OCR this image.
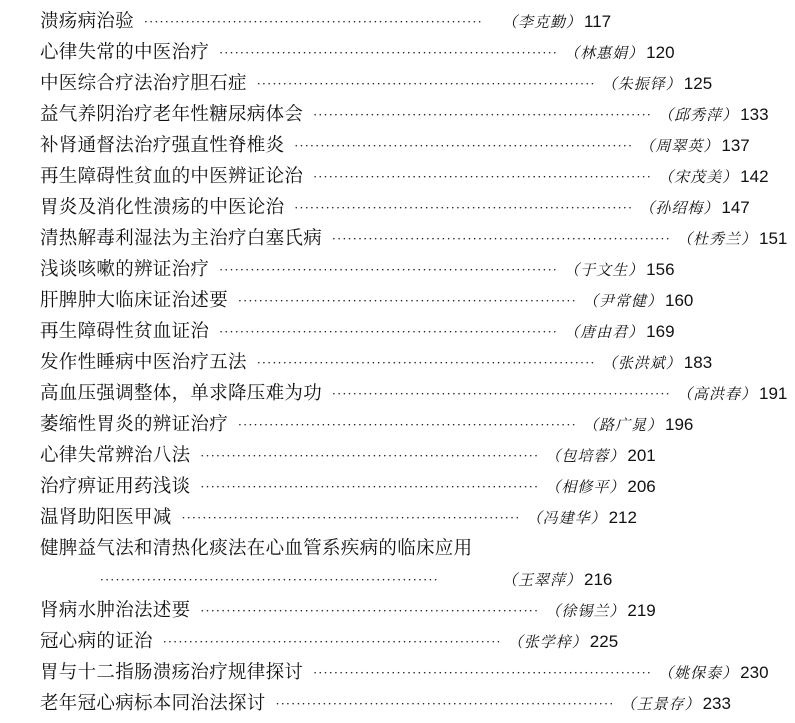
溃疡病治验 ·································································	（李克勤） 117
心律失常的中医治疗 ································································· （林惠娟） 120
中医综合疗法治疗胆石症 ································································· （朱振铎） 125
益气养阴治疗老年性糖尿病体会 ································································· （邱秀萍） 133
补肾通督法治疗强直性脊椎炎 ································································· （周翠英） 137
再生障碍性贫血的中医辨证论治 ································································· （宋茂美） 142
胃炎及消化性溃疡的中医论治 ································································· （孙绍梅） 147
清热解毒利湿法为主治疗白塞氏病 ································································· （杜秀兰） 151
浅谈咳嗽的辨证治疗 ································································· （于文生） 156
肝脾肿大临床证治述要 ································································· （尹常健） 160
再生障碍性贫血证治 ································································· （唐由君） 169
发作性睡病中医治疗五法 ································································· （张洪斌） 183
高血压强调整体，单求降压难为功 ································································· （高洪春） 191
萎缩性胃炎的辨证治疗 ································································· （路广晁） 196
心律失常辨治八法 ································································· （包培蓉） 201
治疗痹证用药浅谈 ································································· （相修平） 206
温肾助阳医甲减 ································································· （冯建华） 212
健脾益气法和清热化痰法在心血管系疾病的临床应用
·································································	（王翠萍） 216
肾病水肿治法述要 ································································· （徐锡兰） 219
冠心病的证治 ································································· （张学梓） 225
胃与十二指肠溃疡治疗规律探讨 ································································· （姚保泰） 230
老年冠心病标本同治法探讨 ································································· （王景存） 233
